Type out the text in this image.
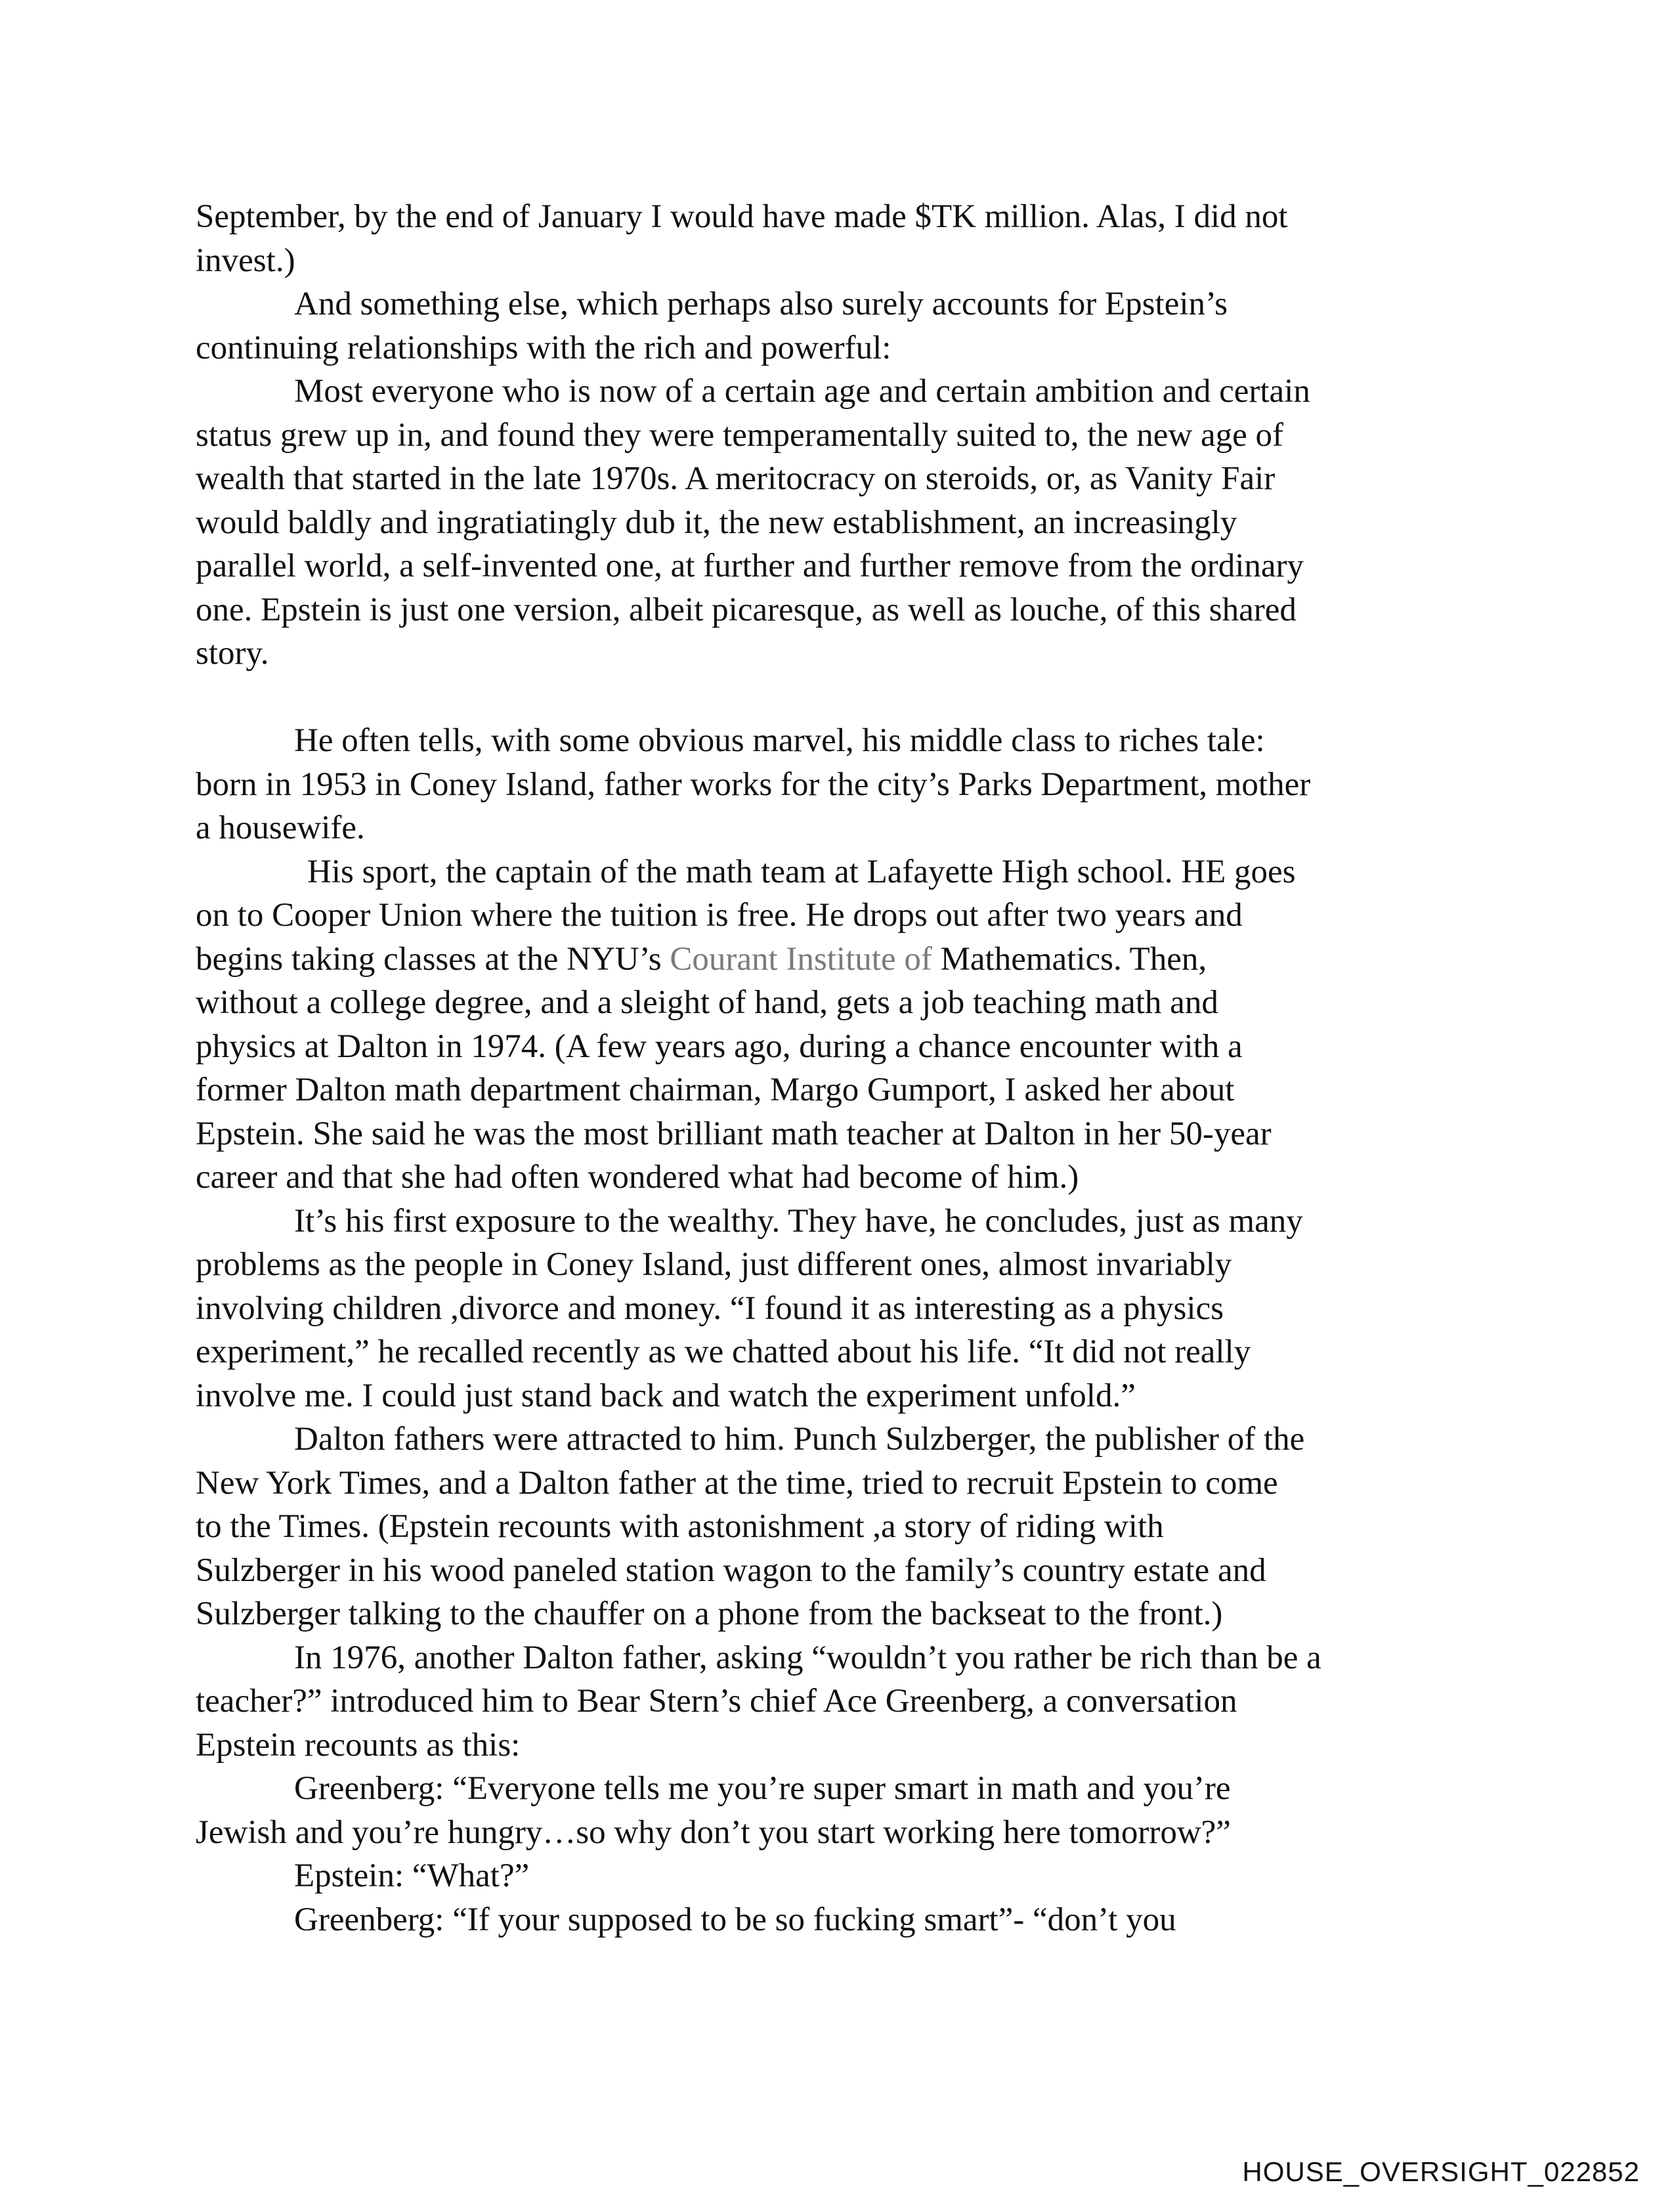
September, by the end of January I would have made $TK million. Alas, I did not
invest.)

And something else, which perhaps also surely accounts for Epstein’s
continuing relationships with the rich and powerful:

Most everyone who is now of a certain age and certain ambition and certain
status grew up in, and found they were temperamentally suited to, the new age of
wealth that started in the late 1970s. A meritocracy on steroids, or, as Vanity Fair
would baldly and ingratiatingly dub it, the new establishment, an increasingly
parallel world, a self-invented one, at further and further remove from the ordinary
one. Epstein is just one version, albeit picaresque, as well as louche, of this shared
story.

He often tells, with some obvious marvel, his middle class to riches tale:
born in 1953 in Coney Island, father works for the city’s Parks Department, mother
a housewife.

His sport, the captain of the math team at Lafayette High school. HE goes
on to Cooper Union where the tuition is free. He drops out after two years and
begins taking classes at the NYU’s Courant Institute of Mathematics. Then,
without a college degree, and a sleight of hand, gets a job teaching math and
physics at Dalton in 1974. (A few years ago, during a chance encounter with a
former Dalton math department chairman, Margo Gumport, I asked her about
Epstein. She said he was the most brilliant math teacher at Dalton in her 50-year
career and that she had often wondered what had become of him.)

It’s his first exposure to the wealthy. They have, he concludes, just as many
problems as the people in Coney Island, just different ones, almost invariably
involving children ,divorce and money. “I found it as interesting as a physics
experiment,” he recalled recently as we chatted about his life. “It did not really
involve me. I could just stand back and watch the experiment unfold.”

Dalton fathers were attracted to him. Punch Sulzberger, the publisher of the
New York Times, and a Dalton father at the time, tried to recruit Epstein to come
to the Times. (Epstein recounts with astonishment ,a story of riding with
Sulzberger in his wood paneled station wagon to the family’s country estate and
Sulzberger talking to the chauffer on a phone from the backseat to the front.)

In 1976, another Dalton father, asking “wouldn’t you rather be rich than be a
teacher?” introduced him to Bear Stern’s chief Ace Greenberg, a conversation
Epstein recounts as this:

Greenberg: “Everyone tells me you’re super smart in math and you’re
Jewish and you’re hungry…so why don’t you start working here tomorrow?”

Epstein: “What?”

Greenberg: “If your supposed to be so fucking smart”- “don’t you

HOUSE_OVERSIGHT_022852
